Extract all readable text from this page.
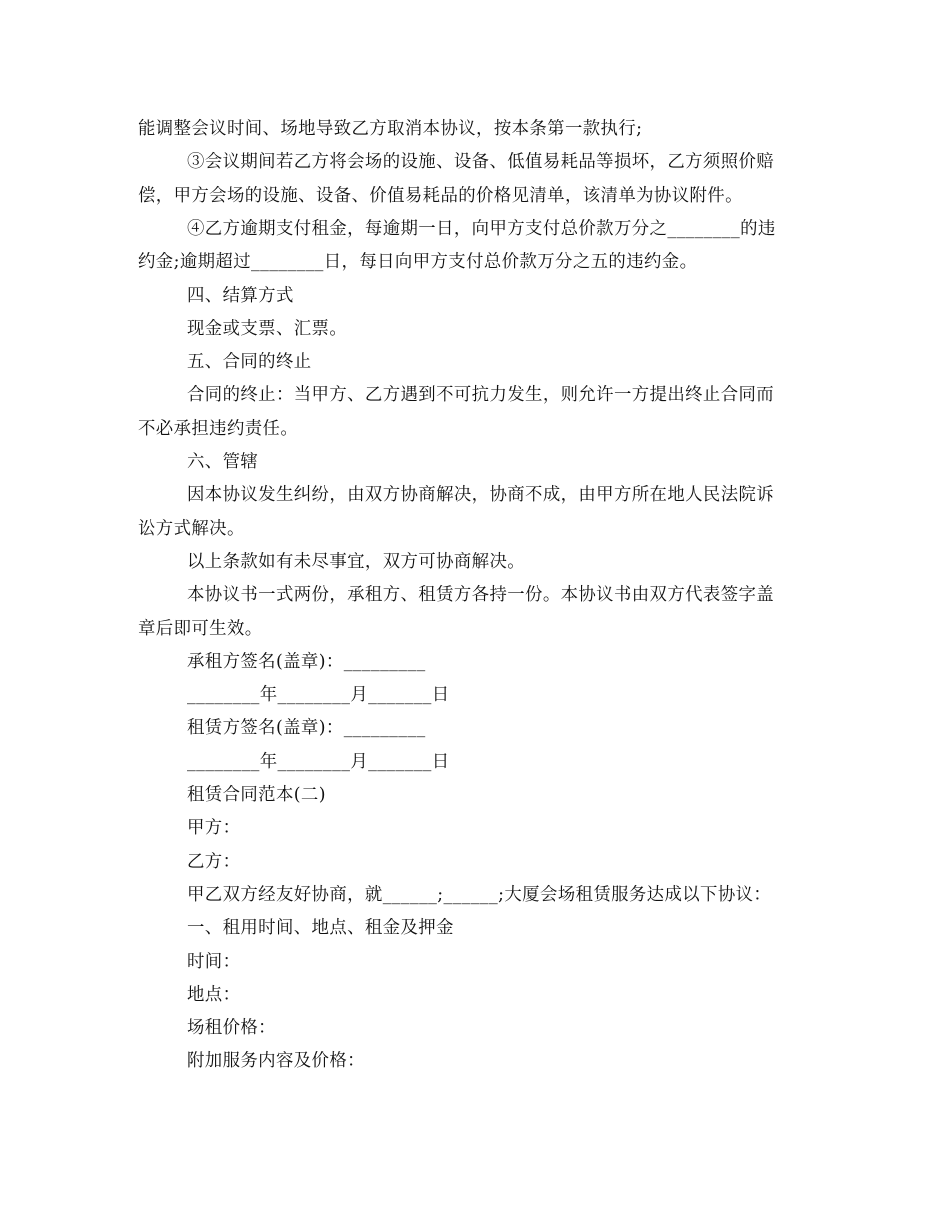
能调整会议时间、场地导致乙方取消本协议，按本条第一款执行;
③会议期间若乙方将会场的设施、设备、低值易耗品等损坏，乙方须照价赔
偿，甲方会场的设施、设备、价值易耗品的价格见清单，该清单为协议附件。
④乙方逾期支付租金，每逾期一日，向甲方支付总价款万分之________的违
约金;逾期超过________日，每日向甲方支付总价款万分之五的违约金。
四、结算方式
现金或支票、汇票。
五、合同的终止
合同的终止：当甲方、乙方遇到不可抗力发生，则允许一方提出终止合同而
不必承担违约责任。
六、管辖
因本协议发生纠纷，由双方协商解决，协商不成，由甲方所在地人民法院诉
讼方式解决。
以上条款如有未尽事宜，双方可协商解决。
本协议书一式两份，承租方、租赁方各持一份。本协议书由双方代表签字盖
章后即可生效。
承租方签名(盖章)：_________
________年________月_______日
租赁方签名(盖章)：_________
________年________月_______日
租赁合同范本(二)
甲方：
乙方：
甲乙双方经友好协商，就______;______;大厦会场租赁服务达成以下协议：
一、租用时间、地点、租金及押金
时间：
地点：
场租价格：
附加服务内容及价格：
